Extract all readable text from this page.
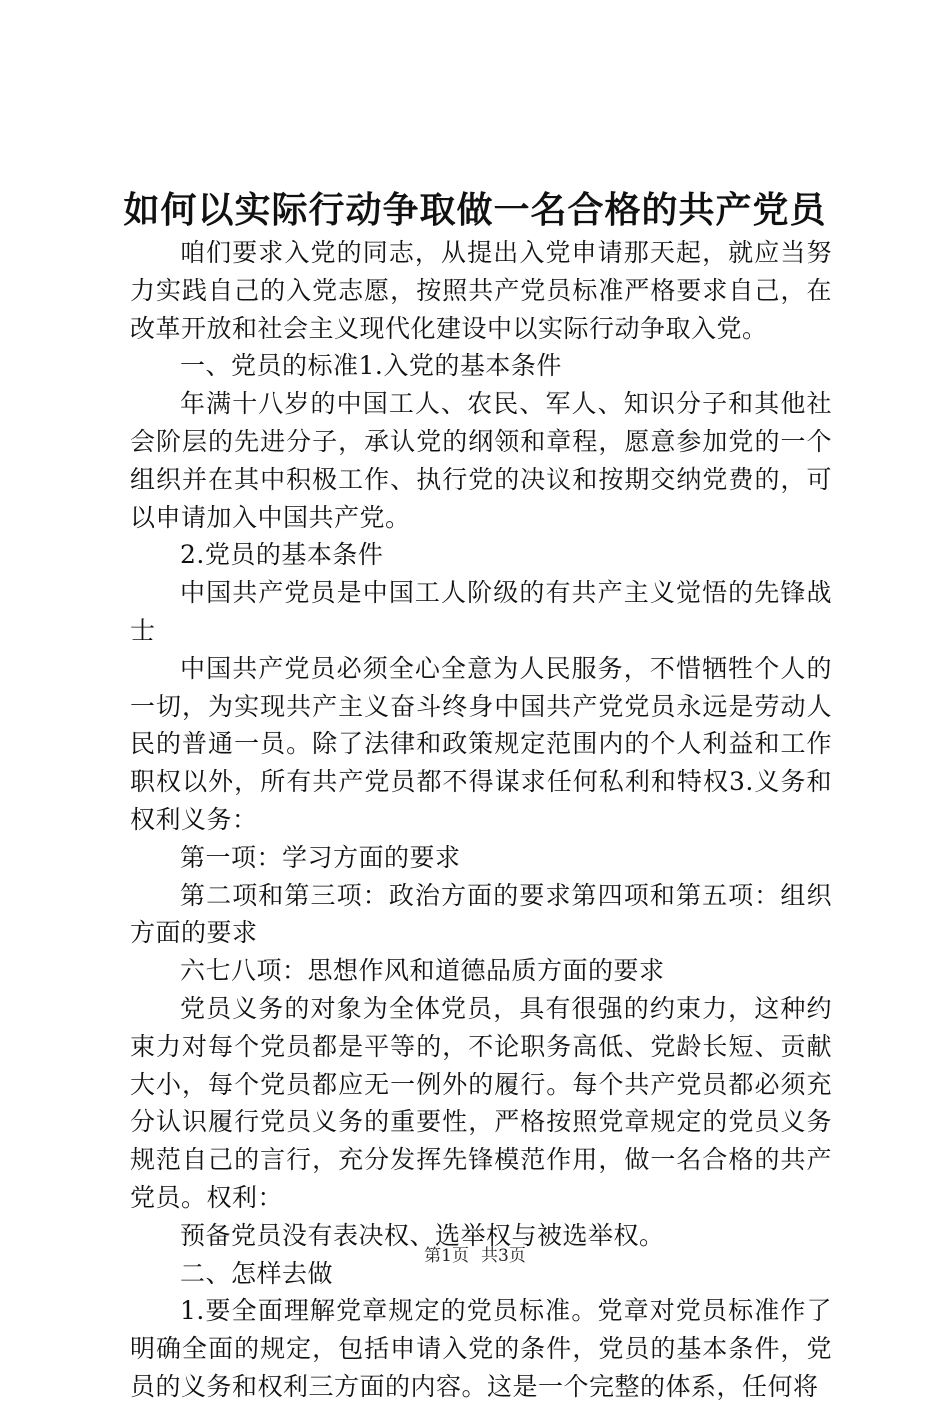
如何以实际行动争取做一名合格的共产党员

咱们要求入党的同志，从提出入党申请那天起，就应当努力实践自己的入党志愿，按照共产党员标准严格要求自己，在改革开放和社会主义现代化建设中以实际行动争取入党。

一、党员的标准1.入党的基本条件

年满十八岁的中国工人、农民、军人、知识分子和其他社会阶层的先进分子，承认党的纲领和章程，愿意参加党的一个组织并在其中积极工作、执行党的决议和按期交纳党费的，可以申请加入中国共产党。

2.党员的基本条件

中国共产党员是中国工人阶级的有共产主义觉悟的先锋战士

中国共产党员必须全心全意为人民服务，不惜牺牲个人的一切，为实现共产主义奋斗终身中国共产党党员永远是劳动人民的普通一员。除了法律和政策规定范围内的个人利益和工作职权以外，所有共产党员都不得谋求任何私利和特权3.义务和权利义务：

第一项：学习方面的要求

第二项和第三项：政治方面的要求第四项和第五项：组织方面的要求

六七八项：思想作风和道德品质方面的要求

党员义务的对象为全体党员，具有很强的约束力，这种约束力对每个党员都是平等的，不论职务高低、党龄长短、贡献大小，每个党员都应无一例外的履行。每个共产党员都必须充分认识履行党员义务的重要性，严格按照党章规定的党员义务规范自己的言行，充分发挥先锋模范作用，做一名合格的共产党员。权利：

预备党员没有表决权、选举权与被选举权。

二、怎样去做

1.要全面理解党章规定的党员标准。党章对党员标准作了明确全面的规定，包括申请入党的条件，党员的基本条件，党员的义务和权利三方面的内容。这是一个完整的体系，任何将

第1页 共3页
